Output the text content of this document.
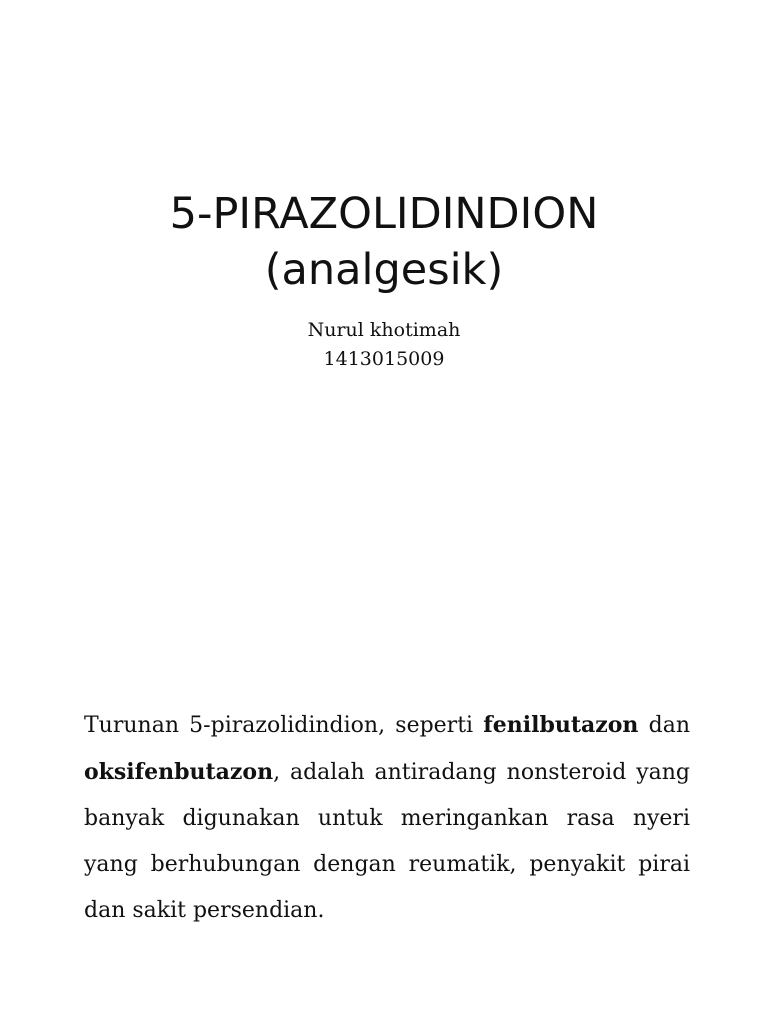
5-PIRAZOLIDINDION
(analgesik)
Nurul khotimah
1413015009

Turunan 5-pirazolidindion, seperti fenilbutazon dan oksifenbutazon, adalah antiradang nonsteroid yang banyak digunakan untuk meringankan rasa nyeri yang berhubungan dengan reumatik, penyakit pirai dan sakit persendian.
